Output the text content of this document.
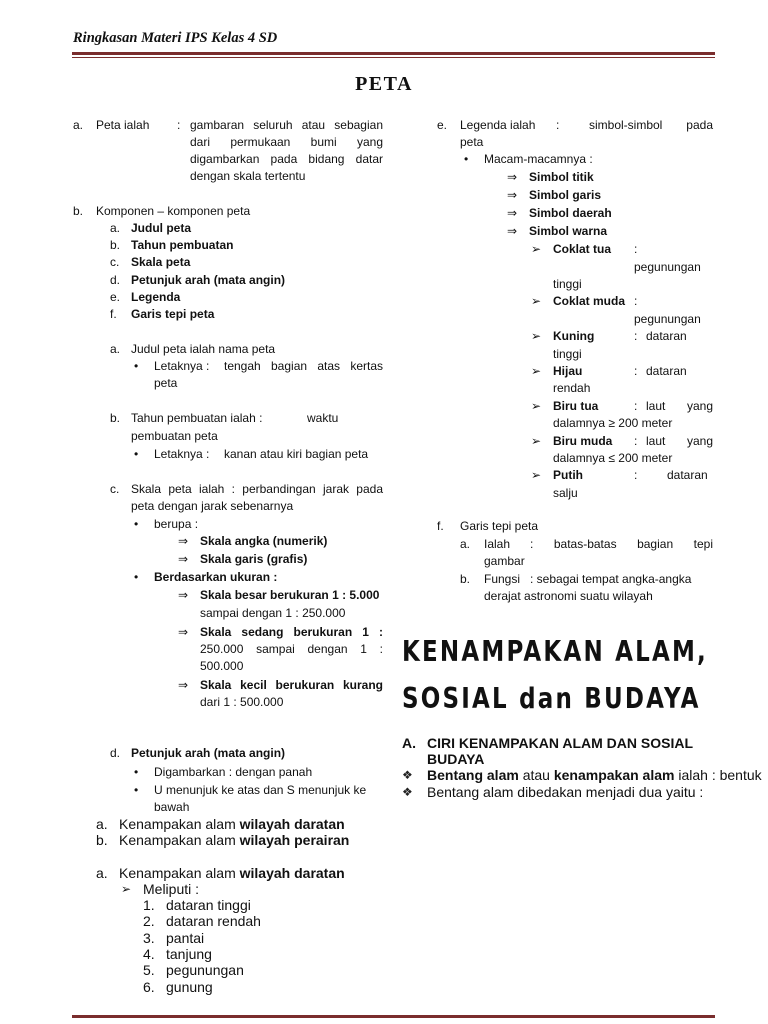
Ringkasan Materi IPS Kelas 4 SD
PETA
a. Peta ialah : gambaran seluruh atau sebagian
dari permukaan bumi yang
digambarkan pada bidang datar
dengan skala tertentu
b. Komponen – komponen peta
a. Judul peta
b. Tahun pembuatan
c. Skala peta
d. Petunjuk arah (mata angin)
e. Legenda
f. Garis tepi peta
a. Judul peta ialah nama peta
• Letaknya : tengah bagian atas kertas
peta
b. Tahun pembuatan ialah :	waktu
pembuatan peta
• Letaknya : kanan atau kiri bagian peta
c. Skala peta ialah : perbandingan jarak pada
peta dengan jarak sebenarnya
• berupa :
⇒ Skala angka (numerik)
⇒ Skala garis (grafis)
• Berdasarkan ukuran :
⇒ Skala besar berukuran 1 : 5.000
sampai dengan 1 : 250.000
⇒ Skala sedang berukuran 1 :
250.000 sampai dengan 1 :
500.000
⇒ Skala kecil berukuran kurang
dari 1 : 500.000
d. Petunjuk arah (mata angin)
• Digambarkan : dengan panah
• U menunjuk ke atas dan S menunjuk ke
bawah
a. Kenampakan alam wilayah daratan
b. Kenampakan alam wilayah perairan
a. Kenampakan alam wilayah daratan
➢ Meliputi :
1. dataran tinggi
2. dataran rendah
3. pantai
4. tanjung
5. pegunungan
6. gunung
e. Legenda ialah : simbol-simbol pada
peta
• Macam-macamnya :
⇒ Simbol titik
⇒ Simbol garis
⇒ Simbol daerah
⇒ Simbol warna
➢ Coklat tua :
pegunungan
tinggi
➢ Coklat muda :
pegunungan
➢ Kuning	: dataran
tinggi
➢ Hijau	: dataran
rendah
➢ Biru tua	: laut yang
dalamnya ≥ 200 meter
➢ Biru muda : laut yang
dalamnya ≤ 200 meter
➢ Putih	: dataran
salju
f. Garis tepi peta
a. Ialah : batas-batas bagian tepi
gambar
b. Fungsi : sebagai tempat angka-angka
derajat astronomi suatu wilayah
KENAMPAKAN ALAM,
SOSIAL dan BUDAYA
A. CIRI KENAMPAKAN ALAM DAN SOSIAL
BUDAYA
❖ Bentang alam atau kenampakan alam ialah : bentuk
❖ Bentang alam dibedakan menjadi dua yaitu :
